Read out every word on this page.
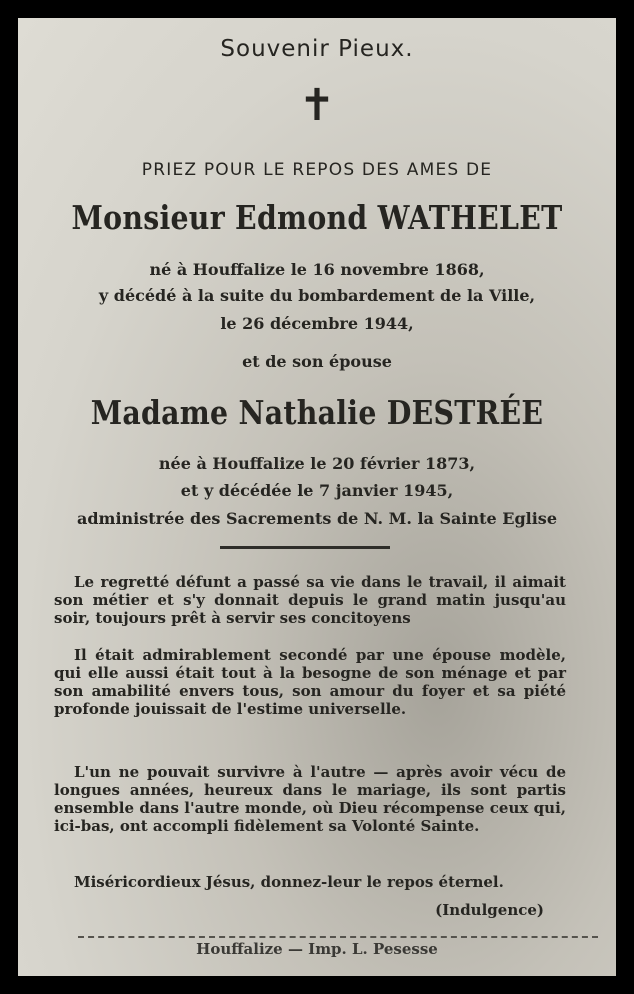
Souvenir Pieux.
✝
PRIEZ POUR LE REPOS DES AMES DE
Monsieur Edmond WATHELET
né à Houffalize le 16 novembre 1868,
y décédé à la suite du bombardement de la Ville,
le 26 décembre 1944,
et de son épouse
Madame Nathalie DESTRÉE
née à Houffalize le 20 février 1873,
et y décédée le 7 janvier 1945,
administrée des Sacrements de N. M. la Sainte Eglise
Le regretté défunt a passé sa vie dans le travail, il aimait son métier et s'y donnait depuis le grand matin jusqu'au soir, toujours prêt à servir ses concitoyens
Il était admirablement secondé par une épouse modèle, qui elle aussi était tout à la besogne de son ménage et par son amabilité envers tous, son amour du foyer et sa piété profonde jouissait de l'estime universelle.
L'un ne pouvait survivre à l'autre — après avoir vécu de longues années, heureux dans le mariage, ils sont partis ensemble dans l'autre monde, où Dieu récompense ceux qui, ici-bas, ont accompli fidèlement sa Volonté Sainte.
Miséricordieux Jésus, donnez-leur le repos éternel.
(Indulgence)
Houffalize — Imp. L. Pesesse
